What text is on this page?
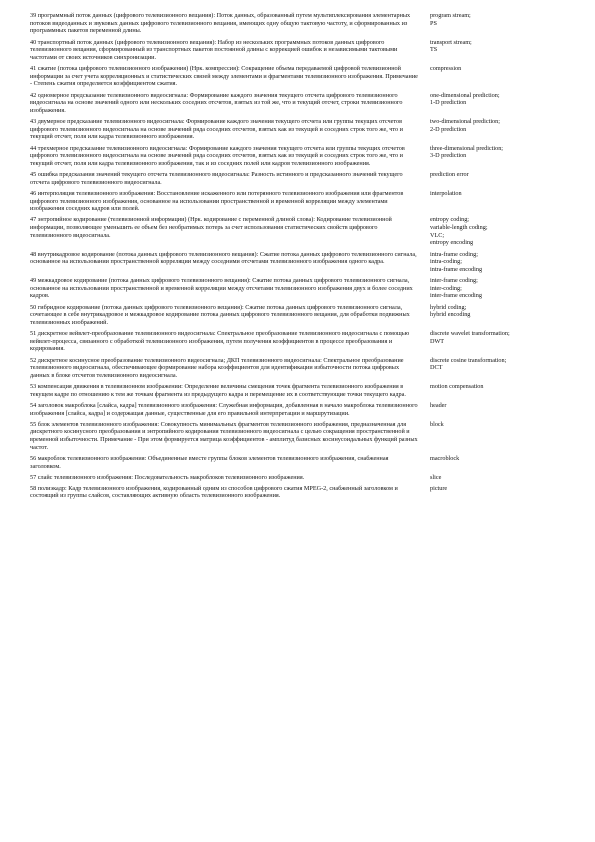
39 программный поток данных (цифрового телевизионного вещания): Поток данных, образованный путем мультиплексирования элементарных потоков видеоданных и звуковых данных цифрового телевизионного вещания, имеющих одну общую тактовую частоту, и сформированных из программных пакетов переменной длины.
program stream;
PS
40 транспортный поток данных (цифрового телевизионного вещания): Набор из нескольких программных потоков данных цифрового телевизионного вещания, сформированный из транспортных пакетов постоянной длины с коррекцией ошибок и независимыми тактовыми частотами от своих источников синхронизации.
transport stream;
TS
41 сжатие (потока цифрового телевизионного изображения) (Нрк. компрессия): Сокращение объема передаваемой цифровой телевизионной информации за счет учета корреляционных и статистических связей между элементами и фрагментами телевизионного изображения. Примечание - Степень сжатия определяется коэффициентом сжатия.
compression
42 одномерное предсказание телевизионного видеосигнала: Формирование каждого значения текущего отсчета цифрового телевизионного видеосигнала на основе значений одного или нескольких соседних отсчетов, взятых из той же, что и текущий отсчет, строки телевизионного изображения.
one-dimensional prediction;
1-D prediction
43 двумерное предсказание телевизионного видеосигнала: Формирование каждого значения текущего отсчета или группы текущих отсчетов цифрового телевизионного видеосигнала на основе значений ряда соседних отсчетов, взятых как из текущей и соседних строк того же, что и текущий отсчет, поля или кадра телевизионного изображения.
two-dimensional prediction;
2-D prediction
44 трехмерное предсказание телевизионного видеосигнала: Формирование каждого значения текущего отсчета или группы текущих отсчетов цифрового телевизионного видеосигнала на основе значений ряда соседних отсчетов, взятых как из текущей и соседних строк того же, что и текущий отсчет, поля или кадра телевизионного изображения, так и из соседних полей или кадров телевизионного изображения.
three-dimensional prediction;
3-D prediction
45 ошибка предсказания значений текущего отсчета телевизионного видеосигнала: Разность истинного и предсказанного значений текущего отсчета цифрового телевизионного видеосигнала.
prediction error
46 интерполяция телевизионного изображения: Восстановление искаженного или потерянного телевизионного изображения или фрагментов цифрового телевизионного изображения, основанное на использовании пространственной и временной корреляции между элементами изображения соседних кадров или полей.
interpolation
47 энтропийное кодирование (телевизионной информации) (Нрк. кодирование с переменной длиной слова): Кодирование телевизионной информации, позволяющее уменьшить ее объем без необратимых потерь за счет использования статистических свойств цифрового телевизионного видеосигнала.
entropy coding;
variable-length coding;
VLC;
entropy encoding
48 внутрикадровое кодирование (потока данных цифрового телевизионного вещания): Сжатие потока данных цифрового телевизионного сигнала, основанное на использовании пространственной корреляции между соседними отсчетами телевизионного изображения одного кадра.
intra-frame coding;
intra-coding;
intra-frame encoding
49 межкадровое кодирование (потока данных цифрового телевизионного вещания): Сжатие потока данных цифрового телевизионного сигнала, основанное на использовании пространственной и временной корреляции между отсчетами телевизионного изображения двух и более соседних кадров.
inter-frame coding;
inter-coding;
inter-frame encoding
50 гибридное кодирование (потока данных цифрового телевизионного вещания): Сжатие потока данных цифрового телевизионного сигнала, сочетающее в себе внутрикадровое и межкадровое кодирование потока данных цифрового телевизионного вещания, для обработки подвижных телевизионных изображений.
hybrid coding;
hybrid encoding
51 дискретное вейвлет-преобразование телевизионного видеосигнала: Спектральное преобразование телевизионного видеосигнала с помощью вейвлет-процесса, связанного с обработкой телевизионного изображения, путем получения коэффициентов в процессе преобразования и кодирования.
discrete wavelet transformation;
DWT
52 дискретное косинусное преобразование телевизионного видеосигнала; ДКП телевизионного видеосигнала: Спектральное преобразование телевизионного видеосигнала, обеспечивающее формирование набора коэффициентов для идентификации избыточности потока цифровых данных в блоке отсчетов телевизионного видеосигнала.
discrete cosine transformation;
DCT
53 компенсация движения в телевизионном изображении: Определение величины смещения точек фрагмента телевизионного изображения в текущем кадре по отношению к тем же точкам фрагмента из предыдущего кадра и перемещение их в соответствующие точки текущего кадра.
motion compensation
54 заголовок макроблока [слайса, кадра] телевизионного изображения: Служебная информация, добавленная в начало макроблока телевизионного изображения [слайса, кадра] и содержащая данные, существенные для его правильной интерпретации и маршрутизации.
header
55 блок элементов телевизионного изображения: Совокупность минимальных фрагментов телевизионного изображения, предназначенная для дискретного косинусного преобразования и энтропийного кодирования телевизионного видеосигнала с целью сокращения пространственной и временной избыточности. Примечание - При этом формируется матрица коэффициентов - амплитуд базисных косинусоидальных функций разных частот.
block
56 макроблок телевизионного изображения: Объединенные вместе группы блоков элементов телевизионного изображения, снабженная заголовком.
macroblock
57 слайс телевизионного изображения: Последовательность макроблоков телевизионного изображения.	slice
58 полиэкадр: Кадр телевизионного изображения, кодированный одним из способов цифрового сжатия MPEG-2, снабженный заголовком и состоящий из группы слайсов, составляющих активную область телевизионного изображения.
picture
